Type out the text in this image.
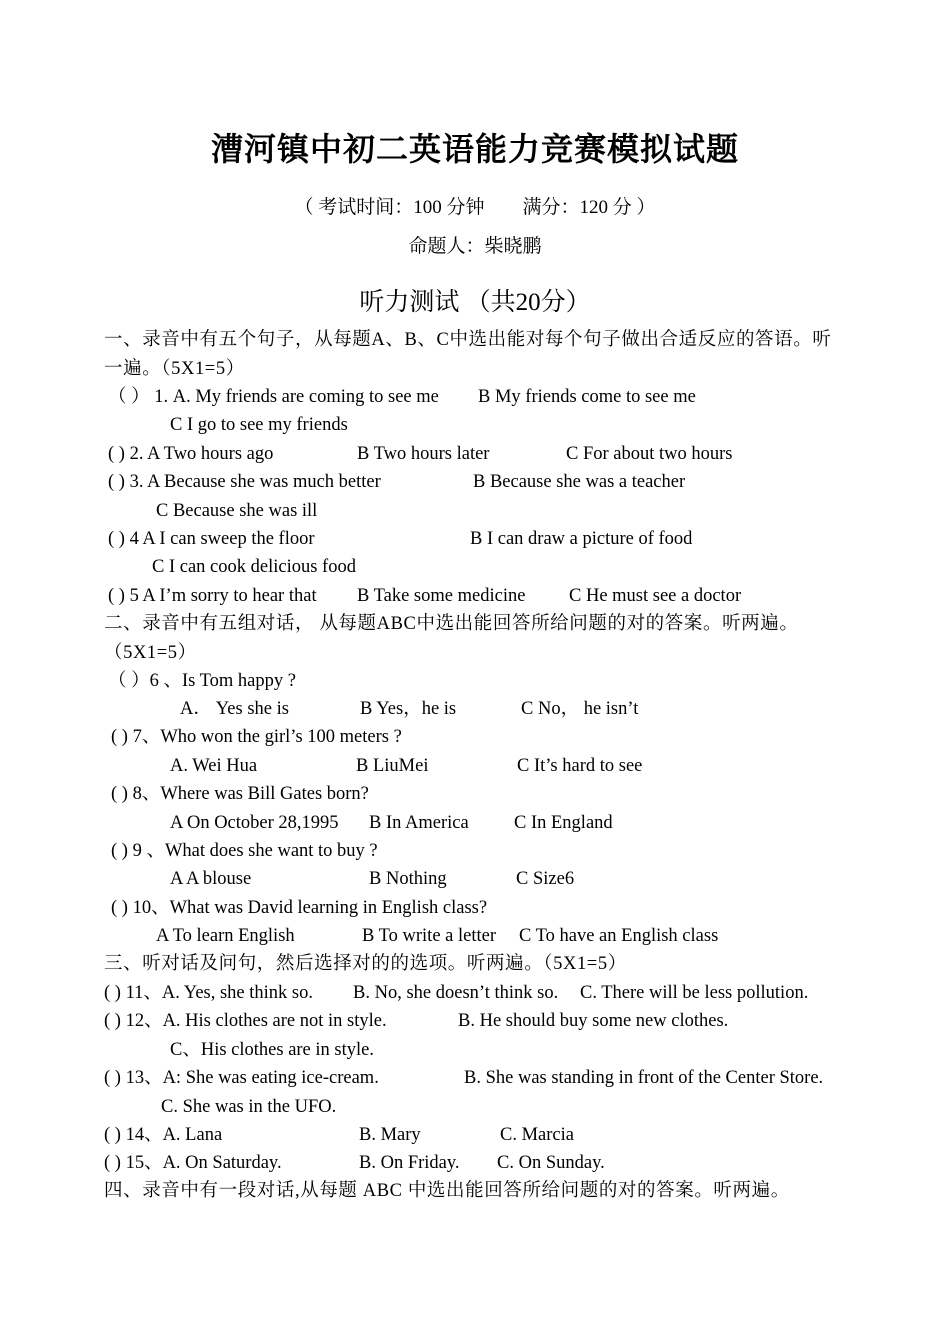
漕河镇中初二英语能力竞赛模拟试题
（ 考试时间：100 分钟　　满分：120 分 ）
命题人：柴晓鹏
听力测试 （共20分）
一、录音中有五个句子，从每题A、B、C中选出能对每个句子做出合适反应的答语。听一遍。（5X1=5）
（ ） 1. A. My friends are coming to see me B My friends come to see me
C I go to see my friends
( ) 2. A Two hours ago	B Two hours later	C For about two hours
( ) 3. A Because she was much better	B Because she was a teacher
C Because she was ill
( ) 4 A I can sweep the floor	B I can draw a picture of food
C I can cook delicious food
( ) 5 A I’m sorry to hear that B Take some medicine C He must see a doctor
二、录音中有五组对话， 从每题ABC中选出能回答所给问题的对的答案。听两遍。（5X1=5）
（ ）6 、Is Tom happy ?
A． Yes she is	B Yes，he is	C No， he isn’t
( ) 7、Who won the girl’s 100 meters ?
A. Wei Hua	B LiuMei	C It’s hard to see
( ) 8、Where was Bill Gates born?
A On October 28,1995 B In America C In England
( ) 9 、What does she want to buy ?
A A blouse	B Nothing	C Size6
( ) 10、What was David learning in English class?
A To learn English	B To write a letter C To have an English class
三、听对话及问句，然后选择对的的选项。听两遍。（5X1=5）
( ) 11、A. Yes, she think so. B. No, she doesn’t think so. C. There will be less pollution.
( ) 12、A. His clothes are not in style.	B. He should buy some new clothes.
C、His clothes are in style.
( ) 13、A: She was eating ice-cream.	B. She was standing in front of the Center Store.
C. She was in the UFO.
( ) 14、A. Lana	B. Mary	C. Marcia
( ) 15、A. On Saturday.	B. On Friday. C. On Sunday.
四、录音中有一段对话,从每题 ABC 中选出能回答所给问题的对的答案。听两遍。
